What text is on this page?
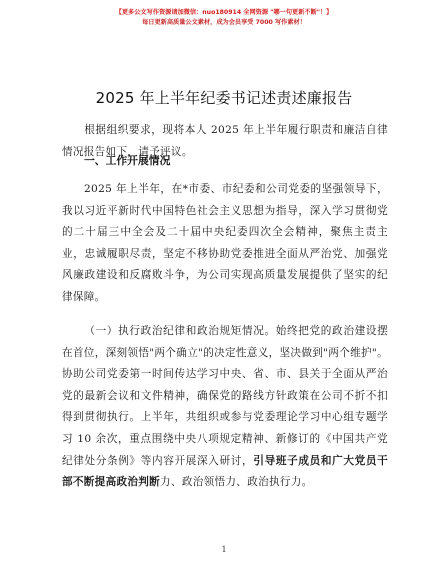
【更多公文写作资源请加微信：nuo180914 全网资源 "哪一句更新不断"！】
每日更新高质量公文素材，成为会员享受 7000 写作素材！
2025 年上半年纪委书记述责述廉报告
根据组织要求，现将本人 2025 年上半年履行职责和廉洁自律情况报告如下，请予评议。
一、工作开展情况
2025 年上半年，在*市委、市纪委和公司党委的坚强领导下，我以习近平新时代中国特色社会主义思想为指导，深入学习贯彻党的二十届三中全会及二十届中央纪委四次全会精神，聚焦主责主业，忠诚履职尽责，坚定不移协助党委推进全面从严治党、加强党风廉政建设和反腐败斗争，为公司实现高质量发展提供了坚实的纪律保障。
（一）执行政治纪律和政治规矩情况。始终把党的政治建设摆在首位，深刻领悟"两个确立"的决定性意义，坚决做到"两个维护"。协助公司党委第一时间传达学习中央、省、市、县关于全面从严治党的最新会议和文件精神，确保党的路线方针政策在公司不折不扣得到贯彻执行。上半年，共组织或参与党委理论学习中心组专题学习 10 余次，重点围绕中央八项规定精神、新修订的《中国共产党纪律处分条例》等内容开展深入研讨，引导班子成员和广大党员干部不断提高政治判断力、政治领悟力、政治执行力。
1
